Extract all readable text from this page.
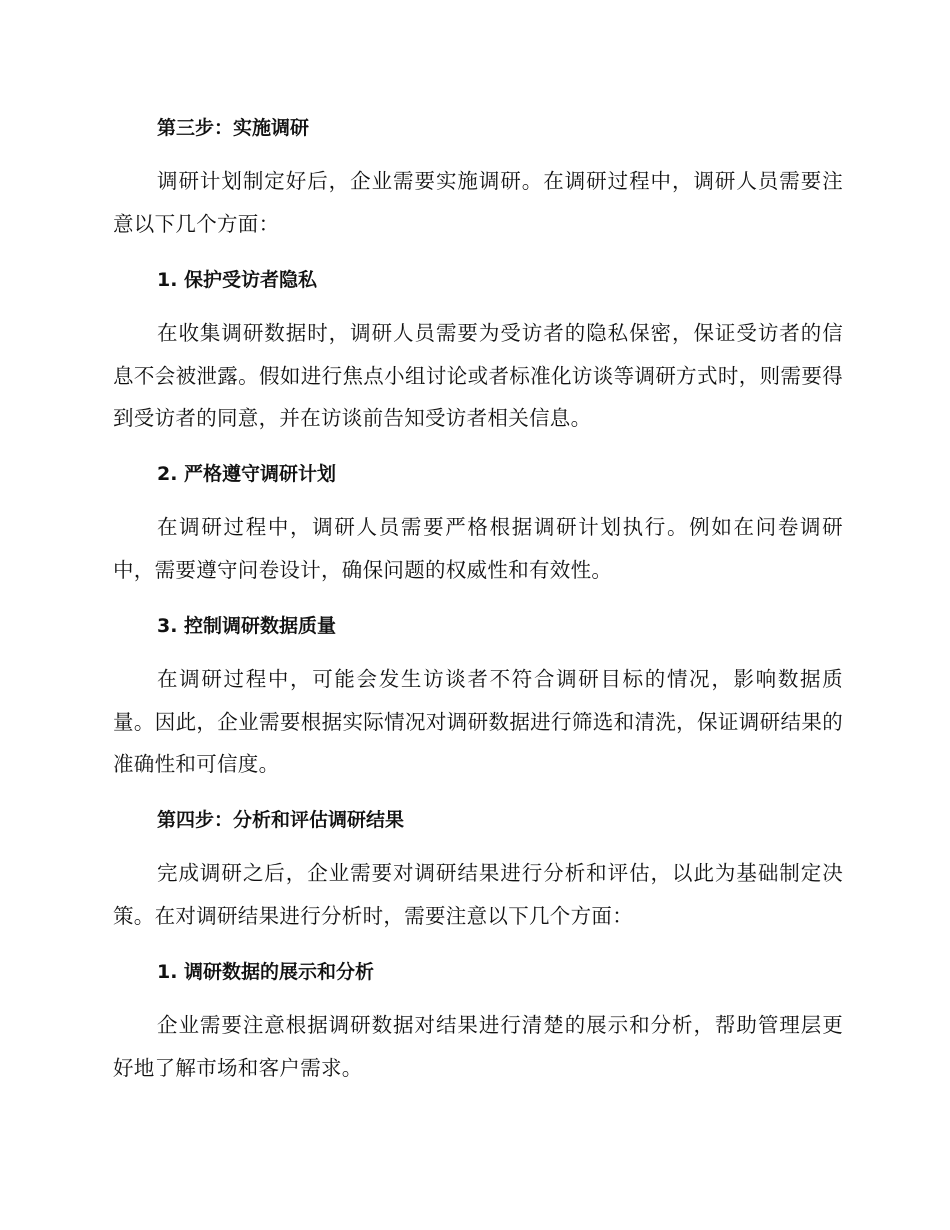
第三步：实施调研

调研计划制定好后，企业需要实施调研。在调研过程中，调研人员需要注意以下几个方面：

1. 保护受访者隐私

在收集调研数据时，调研人员需要为受访者的隐私保密，保证受访者的信息不会被泄露。假如进行焦点小组讨论或者标准化访谈等调研方式时，则需要得到受访者的同意，并在访谈前告知受访者相关信息。

2. 严格遵守调研计划

在调研过程中，调研人员需要严格根据调研计划执行。例如在问卷调研中，需要遵守问卷设计，确保问题的权威性和有效性。

3. 控制调研数据质量

在调研过程中，可能会发生访谈者不符合调研目标的情况，影响数据质量。因此，企业需要根据实际情况对调研数据进行筛选和清洗，保证调研结果的准确性和可信度。

第四步：分析和评估调研结果

完成调研之后，企业需要对调研结果进行分析和评估，以此为基础制定决策。在对调研结果进行分析时，需要注意以下几个方面：

1. 调研数据的展示和分析

企业需要注意根据调研数据对结果进行清楚的展示和分析，帮助管理层更好地了解市场和客户需求。
